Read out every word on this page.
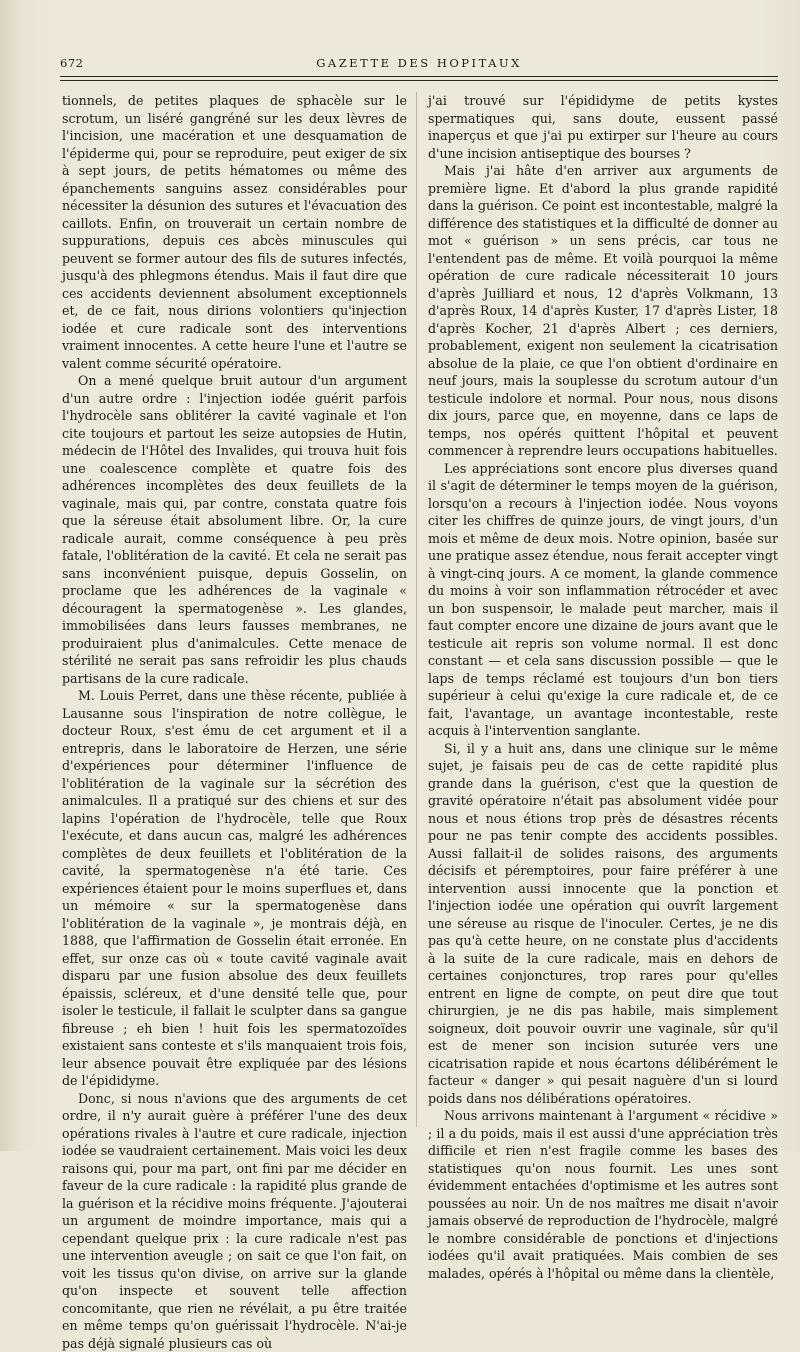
672	GAZETTE DES HOPITAUX

tionnels, de petites plaques de sphacèle sur le scrotum, un liséré gangréné sur les deux lèvres de l'incision, une macération et une desquamation de l'épiderme qui, pour se reproduire, peut exiger de six à sept jours, de petits hématomes ou même des épanchements sanguins assez considérables pour nécessiter la désunion des sutures et l'évacuation des caillots. Enfin, on trouverait un certain nombre de suppurations, depuis ces abcès minuscules qui peuvent se former autour des fils de sutures infectés, jusqu'à des phlegmons étendus. Mais il faut dire que ces accidents deviennent absolument exceptionnels et, de ce fait, nous dirions volontiers qu'injection iodée et cure radicale sont des interventions vraiment innocentes. A cette heure l'une et l'autre se valent comme sécurité opératoire.

On a mené quelque bruit autour d'un argument d'un autre ordre : l'injection iodée guérit parfois l'hydrocèle sans oblitérer la cavité vaginale et l'on cite toujours et partout les seize autopsies de Hutin, médecin de l'Hôtel des Invalides, qui trouva huit fois une coalescence complète et quatre fois des adhérences incomplètes des deux feuillets de la vaginale, mais qui, par contre, constata quatre fois que la séreuse était absolument libre. Or, la cure radicale aurait, comme conséquence à peu près fatale, l'oblitération de la cavité. Et cela ne serait pas sans inconvénient puisque, depuis Gosselin, on proclame que les adhérences de la vaginale « découragent la spermatogenèse ». Les glandes, immobilisées dans leurs fausses membranes, ne produiraient plus d'animalcules. Cette menace de stérilité ne serait pas sans refroidir les plus chauds partisans de la cure radicale.

M. Louis Perret, dans une thèse récente, publiée à Lausanne sous l'inspiration de notre collègue, le docteur Roux, s'est ému de cet argument et il a entrepris, dans le laboratoire de Herzen, une série d'expériences pour déterminer l'influence de l'oblitération de la vaginale sur la sécrétion des animalcules. Il a pratiqué sur des chiens et sur des lapins l'opération de l'hydrocèle, telle que Roux l'exécute, et dans aucun cas, malgré les adhérences complètes de deux feuillets et l'oblitération de la cavité, la spermatogenèse n'a été tarie. Ces expériences étaient pour le moins superflues et, dans un mémoire « sur la spermatogenèse dans l'oblitération de la vaginale », je montrais déjà, en 1888, que l'affirmation de Gosselin était erronée. En effet, sur onze cas où « toute cavité vaginale avait disparu par une fusion absolue des deux feuillets épaissis, scléreux, et d'une densité telle que, pour isoler le testicule, il fallait le sculpter dans sa gangue fibreuse ; eh bien ! huit fois les spermatozoïdes existaient sans conteste et s'ils manquaient trois fois, leur absence pouvait être expliquée par des lésions de l'épididyme.

Donc, si nous n'avions que des arguments de cet ordre, il n'y aurait guère à préférer l'une des deux opérations rivales à l'autre et cure radicale, injection iodée se vaudraient certainement. Mais voici les deux raisons qui, pour ma part, ont fini par me décider en faveur de la cure radicale : la rapidité plus grande de la guérison et la récidive moins fréquente. J'ajouterai un argument de moindre importance, mais qui a cependant quelque prix : la cure radicale n'est pas une intervention aveugle ; on sait ce que l'on fait, on voit les tissus qu'on divise, on arrive sur la glande qu'on inspecte et souvent telle affection concomitante, que rien ne révélait, a pu être traitée en même temps qu'on guérissait l'hydrocèle. N'ai-je pas déjà signalé plusieurs cas où

j'ai trouvé sur l'épididyme de petits kystes spermatiques qui, sans doute, eussent passé inaperçus et que j'ai pu extirper sur l'heure au cours d'une incision antiseptique des bourses ?

Mais j'ai hâte d'en arriver aux arguments de première ligne. Et d'abord la plus grande rapidité dans la guérison. Ce point est incontestable, malgré la différence des statistiques et la difficulté de donner au mot « guérison » un sens précis, car tous ne l'entendent pas de même. Et voilà pourquoi la même opération de cure radicale nécessiterait 10 jours d'après Juilliard et nous, 12 d'après Volkmann, 13 d'après Roux, 14 d'après Kuster, 17 d'après Lister, 18 d'après Kocher, 21 d'après Albert ; ces derniers, probablement, exigent non seulement la cicatrisation absolue de la plaie, ce que l'on obtient d'ordinaire en neuf jours, mais la souplesse du scrotum autour d'un testicule indolore et normal. Pour nous, nous disons dix jours, parce que, en moyenne, dans ce laps de temps, nos opérés quittent l'hôpital et peuvent commencer à reprendre leurs occupations habituelles.

Les appréciations sont encore plus diverses quand il s'agit de déterminer le temps moyen de la guérison, lorsqu'on a recours à l'injection iodée. Nous voyons citer les chiffres de quinze jours, de vingt jours, d'un mois et même de deux mois. Notre opinion, basée sur une pratique assez étendue, nous ferait accepter vingt à vingt-cinq jours. A ce moment, la glande commence du moins à voir son inflammation rétrocéder et avec un bon suspensoir, le malade peut marcher, mais il faut compter encore une dizaine de jours avant que le testicule ait repris son volume normal. Il est donc constant — et cela sans discussion possible — que le laps de temps réclamé est toujours d'un bon tiers supérieur à celui qu'exige la cure radicale et, de ce fait, l'avantage, un avantage incontestable, reste acquis à l'intervention sanglante.

Si, il y a huit ans, dans une clinique sur le même sujet, je faisais peu de cas de cette rapidité plus grande dans la guérison, c'est que la question de gravité opératoire n'était pas absolument vidée pour nous et nous étions trop près de désastres récents pour ne pas tenir compte des accidents possibles. Aussi fallait-il de solides raisons, des arguments décisifs et péremptoires, pour faire préférer à une intervention aussi innocente que la ponction et l'injection iodée une opération qui ouvrît largement une séreuse au risque de l'inoculer. Certes, je ne dis pas qu'à cette heure, on ne constate plus d'accidents à la suite de la cure radicale, mais en dehors de certaines conjonctures, trop rares pour qu'elles entrent en ligne de compte, on peut dire que tout chirurgien, je ne dis pas habile, mais simplement soigneux, doit pouvoir ouvrir une vaginale, sûr qu'il est de mener son incision suturée vers une cicatrisation rapide et nous écartons délibérément le facteur « danger » qui pesait naguère d'un si lourd poids dans nos délibérations opératoires.

Nous arrivons maintenant à l'argument « récidive » ; il a du poids, mais il est aussi d'une appréciation très difficile et rien n'est fragile comme les bases des statistiques qu'on nous fournit. Les unes sont évidemment entachées d'optimisme et les autres sont poussées au noir. Un de nos maîtres me disait n'avoir jamais observé de reproduction de l'hydrocèle, malgré le nombre considérable de ponctions et d'injections iodées qu'il avait pratiquées. Mais combien de ses malades, opérés à l'hôpital ou même dans la clientèle,
